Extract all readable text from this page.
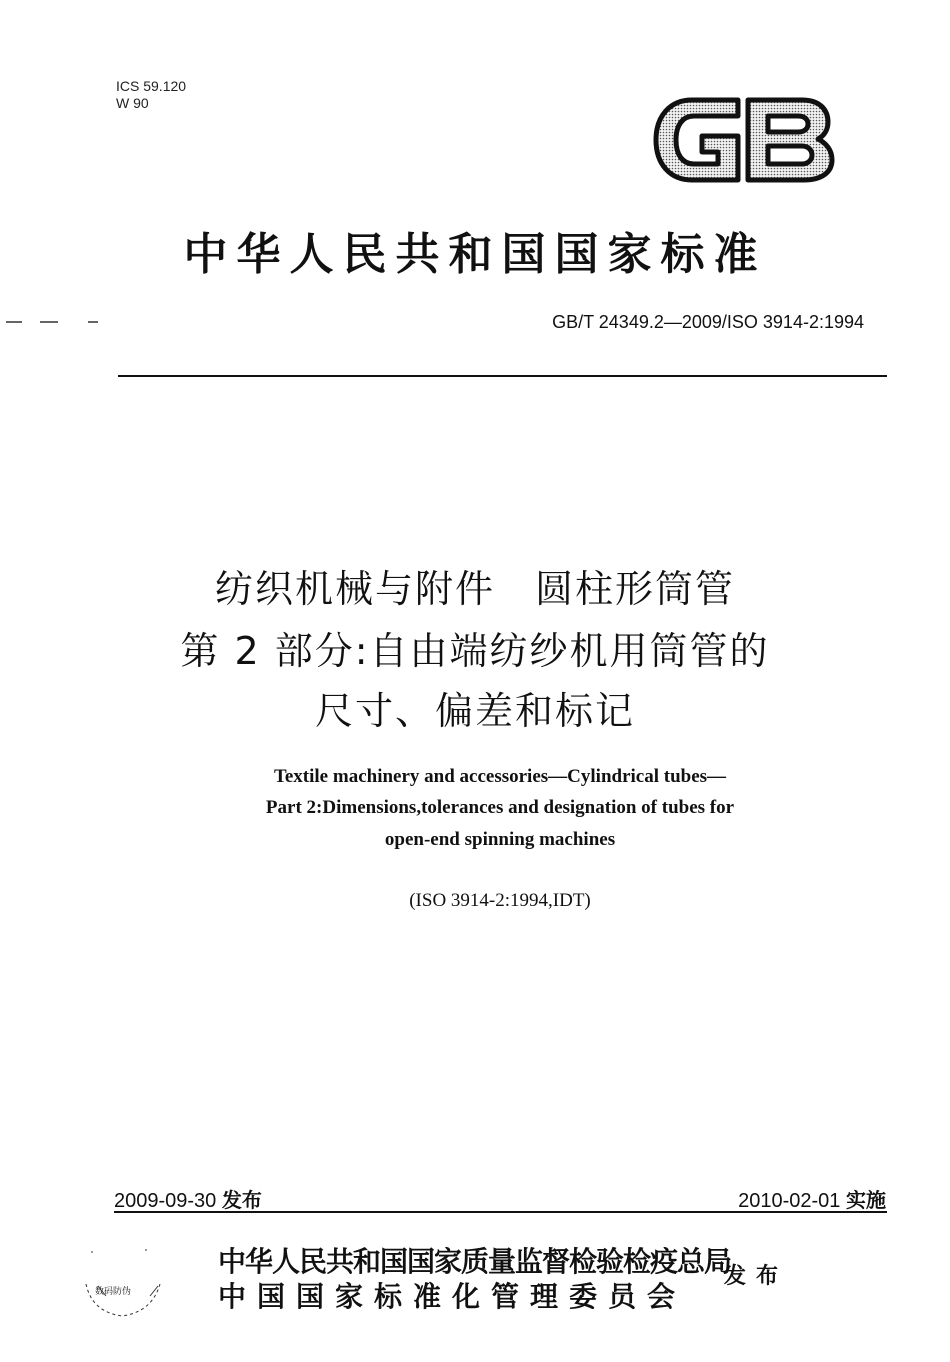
ICS 59.120
W 90
中华人民共和国国家标准
GB/T 24349.2—2009/ISO 3914-2:1994
纺织机械与附件　圆柱形筒管
第 2 部分:自由端纺纱机用筒管的
尺寸、偏差和标记
Textile machinery and accessories—Cylindrical tubes—
Part 2:Dimensions,tolerances and designation of tubes for
open-end spinning machines
(ISO 3914-2:1994,IDT)
2009-09-30 发布	2010-02-01 实施
数码防伪
中华人民共和国国家质量监督检验检疫总局
中国国家标准化管理委员会
发布
